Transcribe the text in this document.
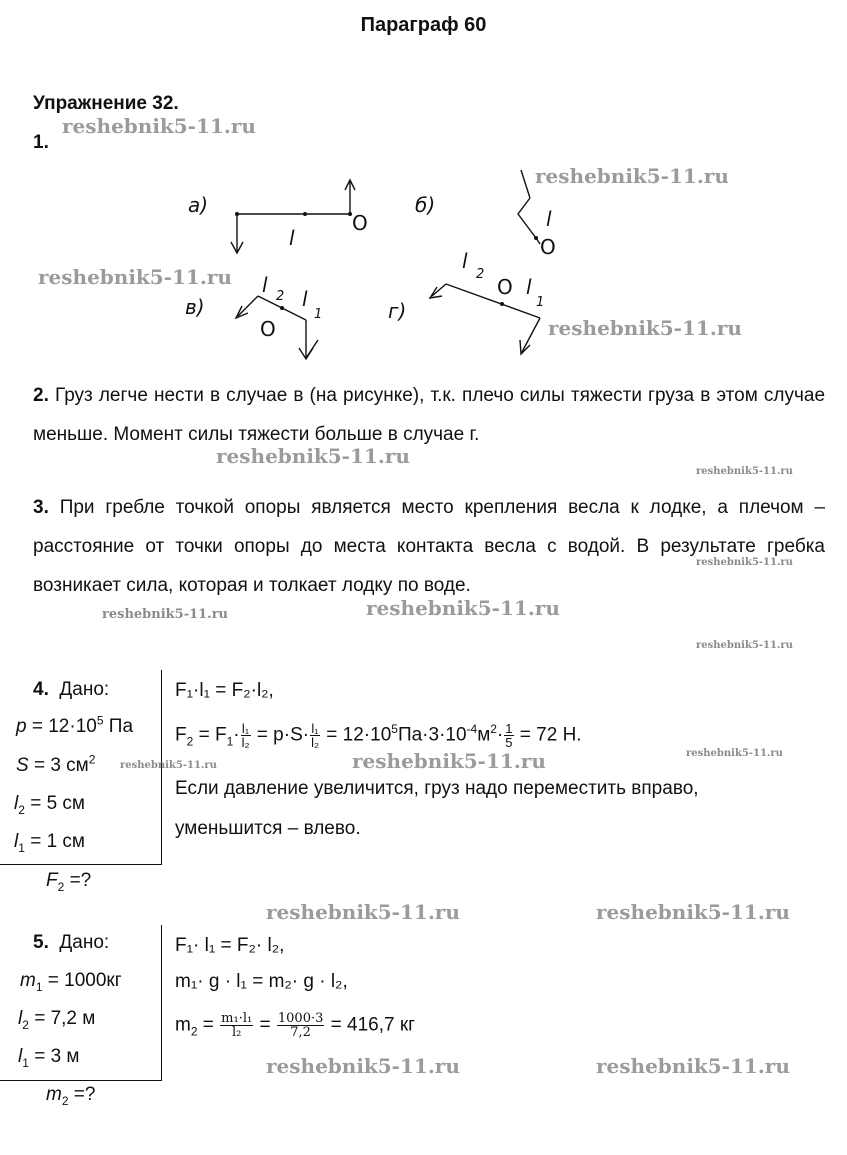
Параграф 60
Упражнение 32.
1.
а)
l
O
б)
l
O
в)
l 2 l
1
O
г)
l
2
O l
1
2. Груз легче нести в случае в (на рисунке), т.к. плечо силы тяжести груза в этом случае меньше. Момент силы тяжести больше в случае г.
3. При гребле точкой опоры является место крепления весла к лодке, а плечом – расстояние от точки опоры до места контакта весла с водой. В результате гребка возникает сила, которая и толкает лодку по воде.
4. Дано:
$p = 12\cdot 10^5$ Па
S = 3 $см^2$
$l_2 = 5$ см
$l_1 = 1$ см
$F_2$ =?
F₁·l₁ = F₂·l₂,
$F_2 = F_1\cdot \frac{\text{l₁}}{\text{l₂}} = p\cdot S\cdot \frac{\text{l₁}}{\text{l₂}} = 12\cdot 10^5Па\cdot 3\cdot 10^{-4}м^2\cdot \frac{1}{5} = 72$ Н.
Если давление увеличится, груз надо переместить вправо,
уменьшится – влево.
5. Дано:
$m_1 = 1000кг$
$l_2 = 7,2$ м
$l_1 = 3$ м
$m_2$ =?
F₁· l₁ = F₂· l₂,
m₁· g · l₁ = m₂· g · l₂,
$m_2 = \frac{\text{m₁·l₁}}{\text{l₂}} = \frac{1000\cdot 3}{7,2} = 416,7$ кг
reshebnik5-11.ru
reshebnik5-11.ru
reshebnik5-11.ru
reshebnik5-11.ru
reshebnik5-11.ru
reshebnik5-11.ru
reshebnik5-11.ru
reshebnik5-11.ru	reshebnik5-11.ru
reshebnik5-11.ru
reshebnik5-11.ru
reshebnik5-11.ru	reshebnik5-11.ru
reshebnik5-11.ru	reshebnik5-11.ru
reshebnik5-11.ru	reshebnik5-11.ru
